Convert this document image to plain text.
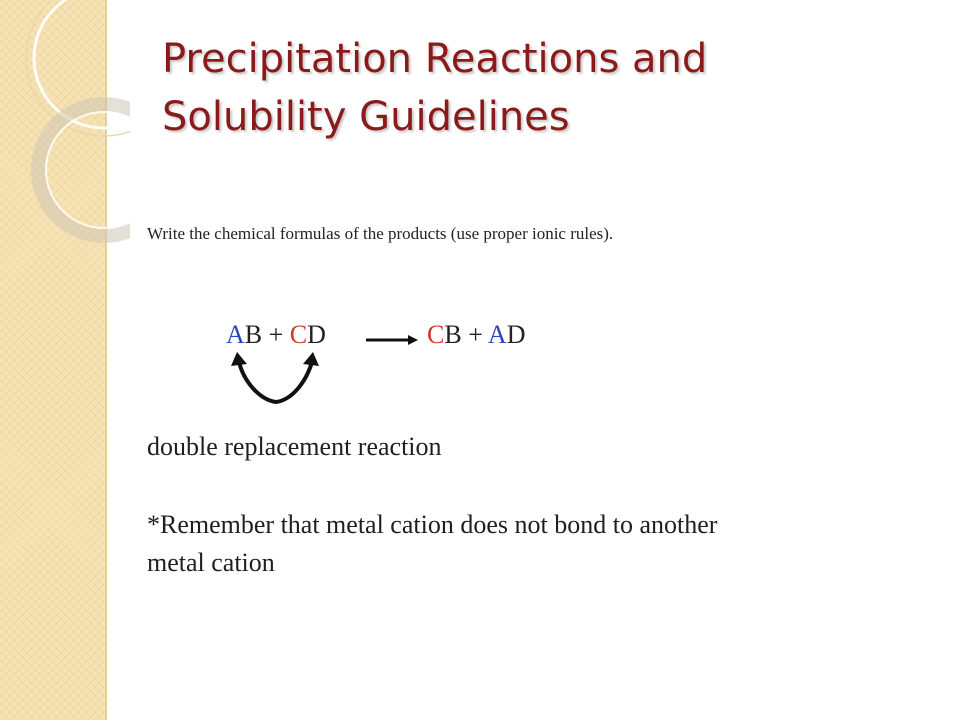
Precipitation Reactions and
Solubility Guidelines
Write the chemical formulas of the products (use proper ionic rules).
AB + CD → CB + AD
double replacement reaction
*Remember that metal cation does not bond to another
metal cation
